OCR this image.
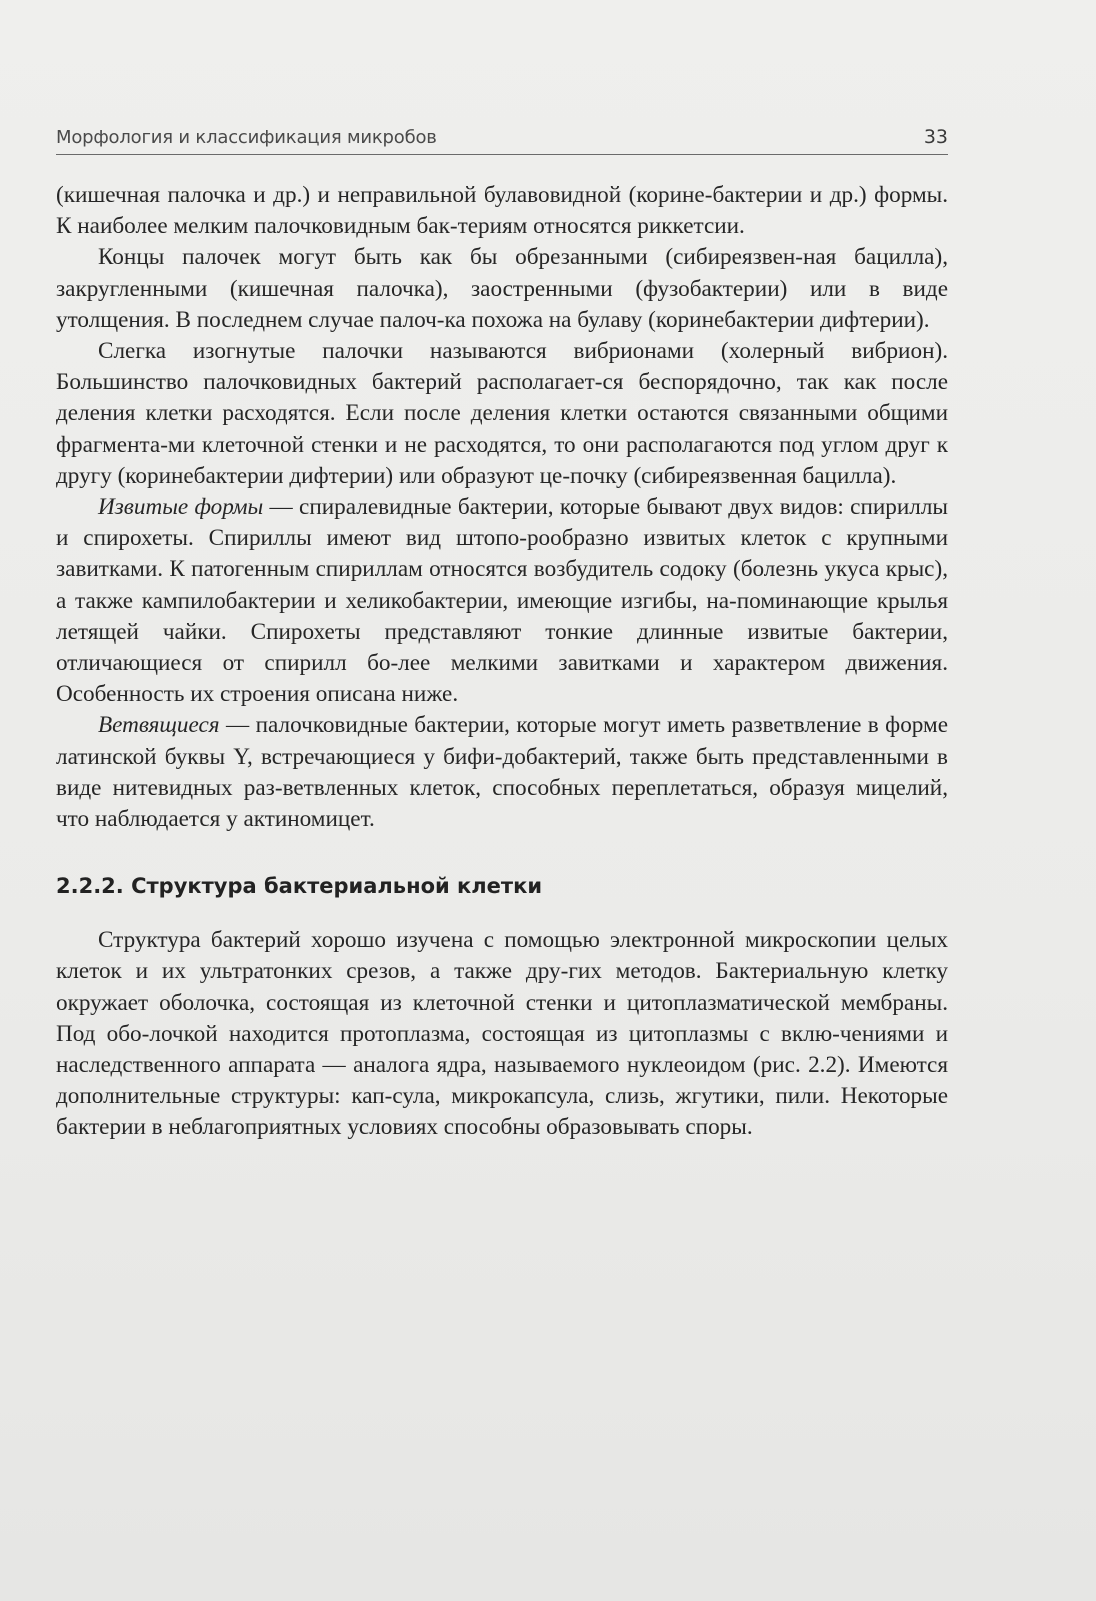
Морфология и классификация микробов	33

(кишечная палочка и др.) и неправильной булавовидной (корине-бактерии и др.) формы. К наиболее мелким палочковидным бак-териям относятся риккетсии.

Концы палочек могут быть как бы обрезанными (сибиреязвен-ная бацилла), закругленными (кишечная палочка), заостренными (фузобактерии) или в виде утолщения. В последнем случае палоч-ка похожа на булаву (коринебактерии дифтерии).

Слегка изогнутые палочки называются вибрионами (холерный вибрион). Большинство палочковидных бактерий располагает-ся беспорядочно, так как после деления клетки расходятся. Если после деления клетки остаются связанными общими фрагмента-ми клеточной стенки и не расходятся, то они располагаются под углом друг к другу (коринебактерии дифтерии) или образуют це-почку (сибиреязвенная бацилла).

Извитые формы — спиралевидные бактерии, которые бывают двух видов: спириллы и спирохеты. Спириллы имеют вид штопо-рообразно извитых клеток с крупными завитками. К патогенным спириллам относятся возбудитель содоку (болезнь укуса крыс), а также кампилобактерии и хеликобактерии, имеющие изгибы, на-поминающие крылья летящей чайки. Спирохеты представляют тонкие длинные извитые бактерии, отличающиеся от спирилл бо-лее мелкими завитками и характером движения. Особенность их строения описана ниже.

Ветвящиеся — палочковидные бактерии, которые могут иметь разветвление в форме латинской буквы Y, встречающиеся у бифи-добактерий, также быть представленными в виде нитевидных раз-ветвленных клеток, способных переплетаться, образуя мицелий, что наблюдается у актиномицет.

2.2.2. Структура бактериальной клетки

Структура бактерий хорошо изучена с помощью электронной микроскопии целых клеток и их ультратонких срезов, а также дру-гих методов. Бактериальную клетку окружает оболочка, состоящая из клеточной стенки и цитоплазматической мембраны. Под обо-лочкой находится протоплазма, состоящая из цитоплазмы с вклю-чениями и наследственного аппарата — аналога ядра, называемого нуклеоидом (рис. 2.2). Имеются дополнительные структуры: кап-сула, микрокапсула, слизь, жгутики, пили. Некоторые бактерии в неблагоприятных условиях способны образовывать споры.
